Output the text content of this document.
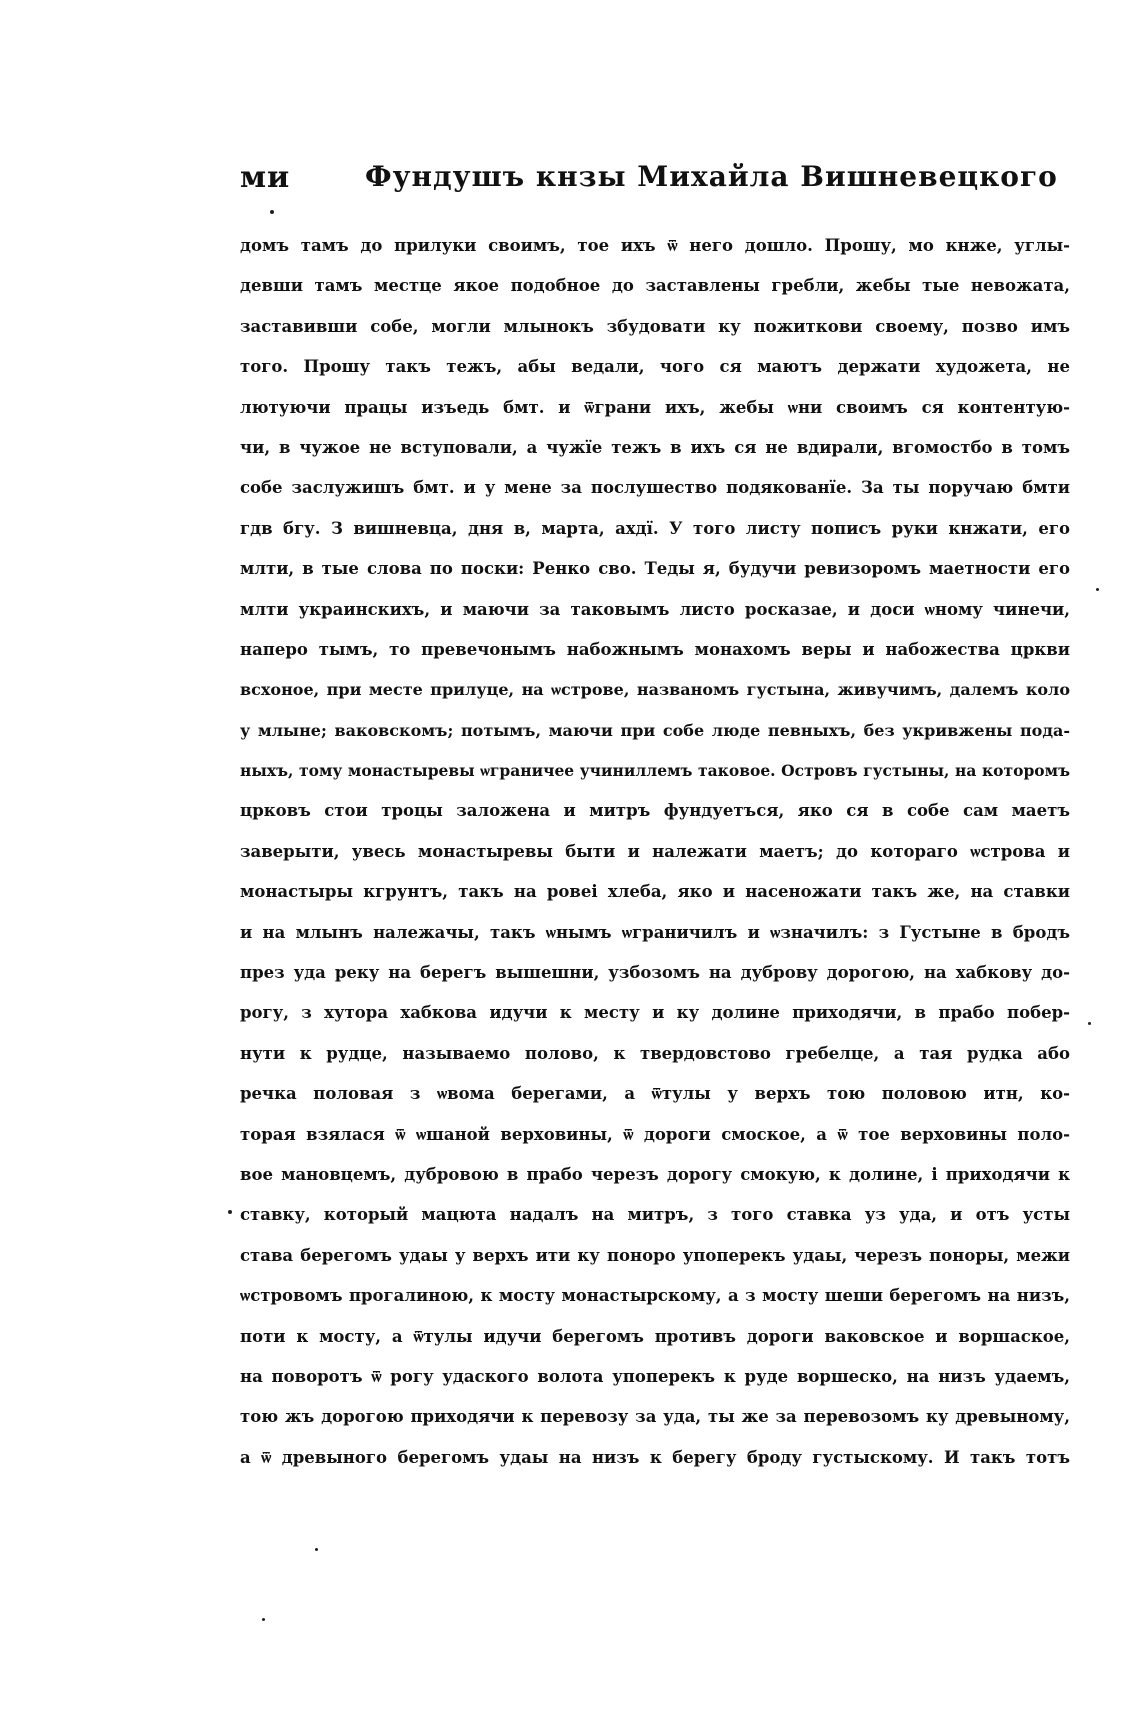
ми	Фундушъ кнзы Михайла Вишневецкого
домъ тамъ до прилуки своимъ, тое ихъ ѿ него дошло. Прошу, мо кнже, углы-
девши тамъ местце якое подобное до заставлены гребли, жебы тые невожата,
заставивши собе, могли млынокъ збудовати ку пожиткови своему, позво имъ
того. Прошу такъ тежъ, абы ведали, чого ся маютъ держати художета, не
лютуючи працы изъедь бмт. и ѿграни ихъ, жебы ѡни своимъ ся контентую-
чи, в чужое не вступовали, а чужїе тежъ в ихъ ся не вдирали, вгомостбо в томъ
собе заслужишъ бмт. и у мене за послушество подякованїе. За ты поручаю бмти
гдв бгу. З вишневца, дня в, марта, ахдї. У того листу пописъ руки кнжати, его
млти, в тые слова по поски: Ренко сво. Теды я, будучи ревизоромъ маетности его
млти украинскихъ, и маючи за таковымъ листо росказае, и доси ѡному чинечи,
наперо тымъ, то превечонымъ набожнымъ монахомъ веры и набожества цркви
всхоное, при месте прилуце, на ѡстрове, названомъ густына, живучимъ, далемъ коло
у млыне; ваковскомъ; потымъ, маючи при собе люде певныхъ, без укривжены пода-
ныхъ, тому монастыревы ѡграничее учиниллемъ таковое. Островъ густыны, на которомъ
црковъ стои троцы заложена и митръ фундуетъся, яко ся в собе сам маетъ
заверыти, увесь монастыревы быти и належати маетъ; до котораго ѡстрова и
монастыры кгрунтъ, такъ на ровеі хлеба, яко и насеножати такъ же, на ставки
и на млынъ належачы, такъ ѡнымъ ѡграничилъ и ѡзначилъ: з Густыне в бродъ
през уда реку на берегъ вышешни, узбозомъ на дуброву дорогою, на хабкову до-
рогу, з хутора хабкова идучи к месту и ку долине приходячи, в прабо побер-
нути к рудце, называемо полово, к твердовстово гребелце, а тая рудка або
речка половая з ѡвома берегами, а ѿтулы у верхъ тою половою итн, ко-
торая взялася ѿ ѡшаной верховины, ѿ дороги смоское, а ѿ тое верховины поло-
вое мановцемъ, дубровою в прабо черезъ дорогу смокую, к долине, і приходячи к
ставку, который мацюта надалъ на митръ, з того ставка уз уда, и отъ усты
става берегомъ удаы у верхъ ити ку поноро упоперекъ удаы, черезъ поноры, межи
ѡстровомъ прогалиною, к мосту монастырскому, а з мосту шеши берегомъ на низъ,
поти к мосту, а ѿтулы идучи берегомъ противъ дороги ваковское и воршаское,
на поворотъ ѿ рогу удаского волота упоперекъ к руде воршеско, на низъ удаемъ,
тою жъ дорогою приходячи к перевозу за уда, ты же за перевозомъ ку древыному,
а ѿ древыного берегомъ удаы на низъ к берегу броду густыскому. И такъ тотъ
